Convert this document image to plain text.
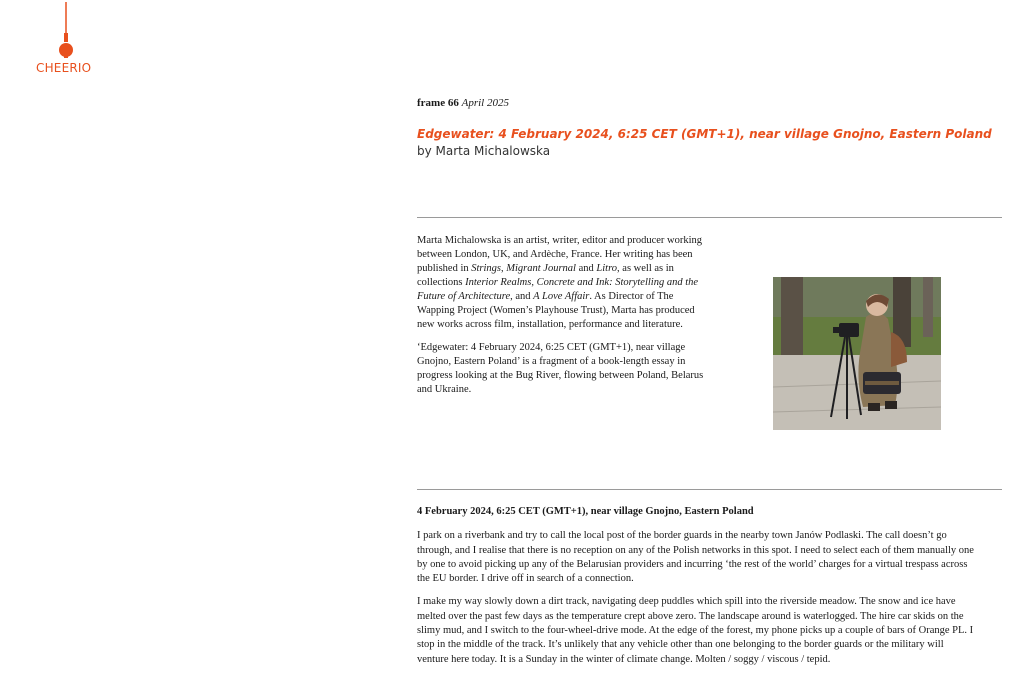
CHEERIO
frame 66 April 2025
Edgewater: 4 February 2024, 6:25 CET (GMT+1), near village Gnojno, Eastern Poland
by Marta Michalowska

Marta Michalowska is an artist, writer, editor and producer working between London, UK, and Ardèche, France. Her writing has been published in Strings, Migrant Journal and Litro, as well as in collections Interior Realms, Concrete and Ink: Storytelling and the Future of Architecture, and A Love Affair. As Director of The Wapping Project (Women’s Playhouse Trust), Marta has produced new works across film, installation, performance and literature.

‘Edgewater: 4 February 2024, 6:25 CET (GMT+1), near village Gnojno, Eastern Poland’ is a fragment of a book-length essay in progress looking at the Bug River, flowing between Poland, Belarus and Ukraine.

4 February 2024, 6:25 CET (GMT+1), near village Gnojno, Eastern Poland

I park on a riverbank and try to call the local post of the border guards in the nearby town Janów Podlaski. The call doesn’t go through, and I realise that there is no reception on any of the Polish networks in this spot. I need to select each of them manually one by one to avoid picking up any of the Belarusian providers and incurring ‘the rest of the world’ charges for a virtual trespass across the EU border. I drive off in search of a connection.

I make my way slowly down a dirt track, navigating deep puddles which spill into the riverside meadow. The snow and ice have melted over the past few days as the temperature crept above zero. The landscape around is waterlogged. The hire car skids on the slimy mud, and I switch to the four-wheel-drive mode. At the edge of the forest, my phone picks up a couple of bars of Orange PL. I stop in the middle of the track. It’s unlikely that any vehicle other than one belonging to the border guards or the military will venture here today. It is a Sunday in the winter of climate change. Molten / soggy / viscous / tepid.
